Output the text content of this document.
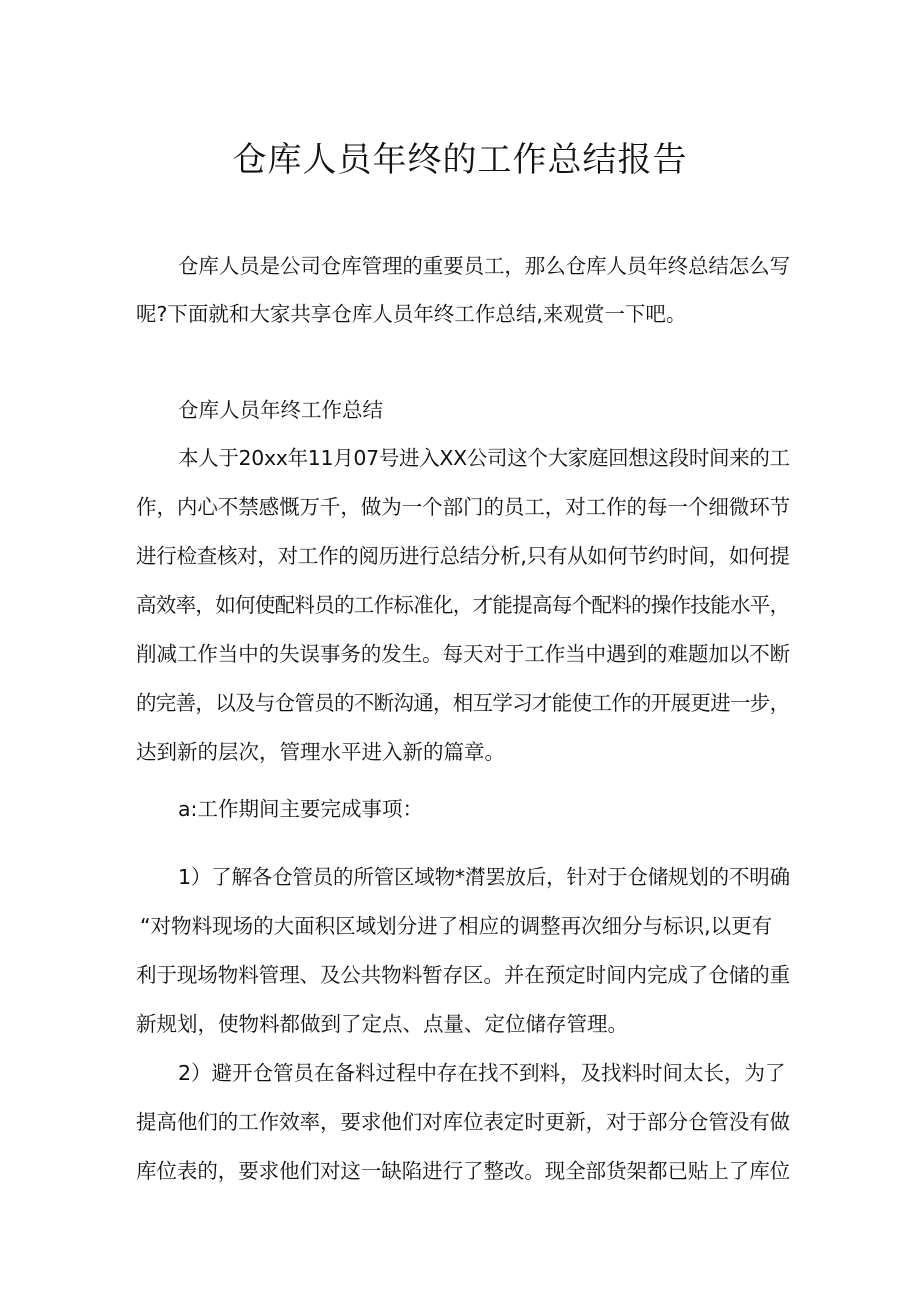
仓库人员年终的工作总结报告

仓库人员是公司仓库管理的重要员工，那么仓库人员年终总结怎么写

呢?下面就和大家共享仓库人员年终工作总结,来观赏一下吧。

仓库人员年终工作总结

本人于20xx年11月07号进入XX公司这个大家庭回想这段时间来的工

作，内心不禁感慨万千，做为一个部门的员工，对工作的每一个细微环节

进行检查核对，对工作的阅历进行总结分析,只有从如何节约时间，如何提

高效率，如何使配料员的工作标准化，才能提高每个配料的操作技能水平，

削减工作当中的失误事务的发生。每天对于工作当中遇到的难题加以不断

的完善，以及与仓管员的不断沟通，相互学习才能使工作的开展更进一步，

达到新的层次，管理水平进入新的篇章。

a:工作期间主要完成事项：

1）了解各仓管员的所管区域物*潸罢放后，针对于仓储规划的不明确

“对物料现场的大面积区域划分进了相应的调整再次细分与标识,以更有

利于现场物料管理、及公共物料暂存区。并在预定时间内完成了仓储的重

新规划，使物料都做到了定点、点量、定位储存管理。

2）避开仓管员在备料过程中存在找不到料，及找料时间太长，为了

提高他们的工作效率，要求他们对库位表定时更新，对于部分仓管没有做

库位表的，要求他们对这一缺陷进行了整改。现全部货架都已贴上了库位
